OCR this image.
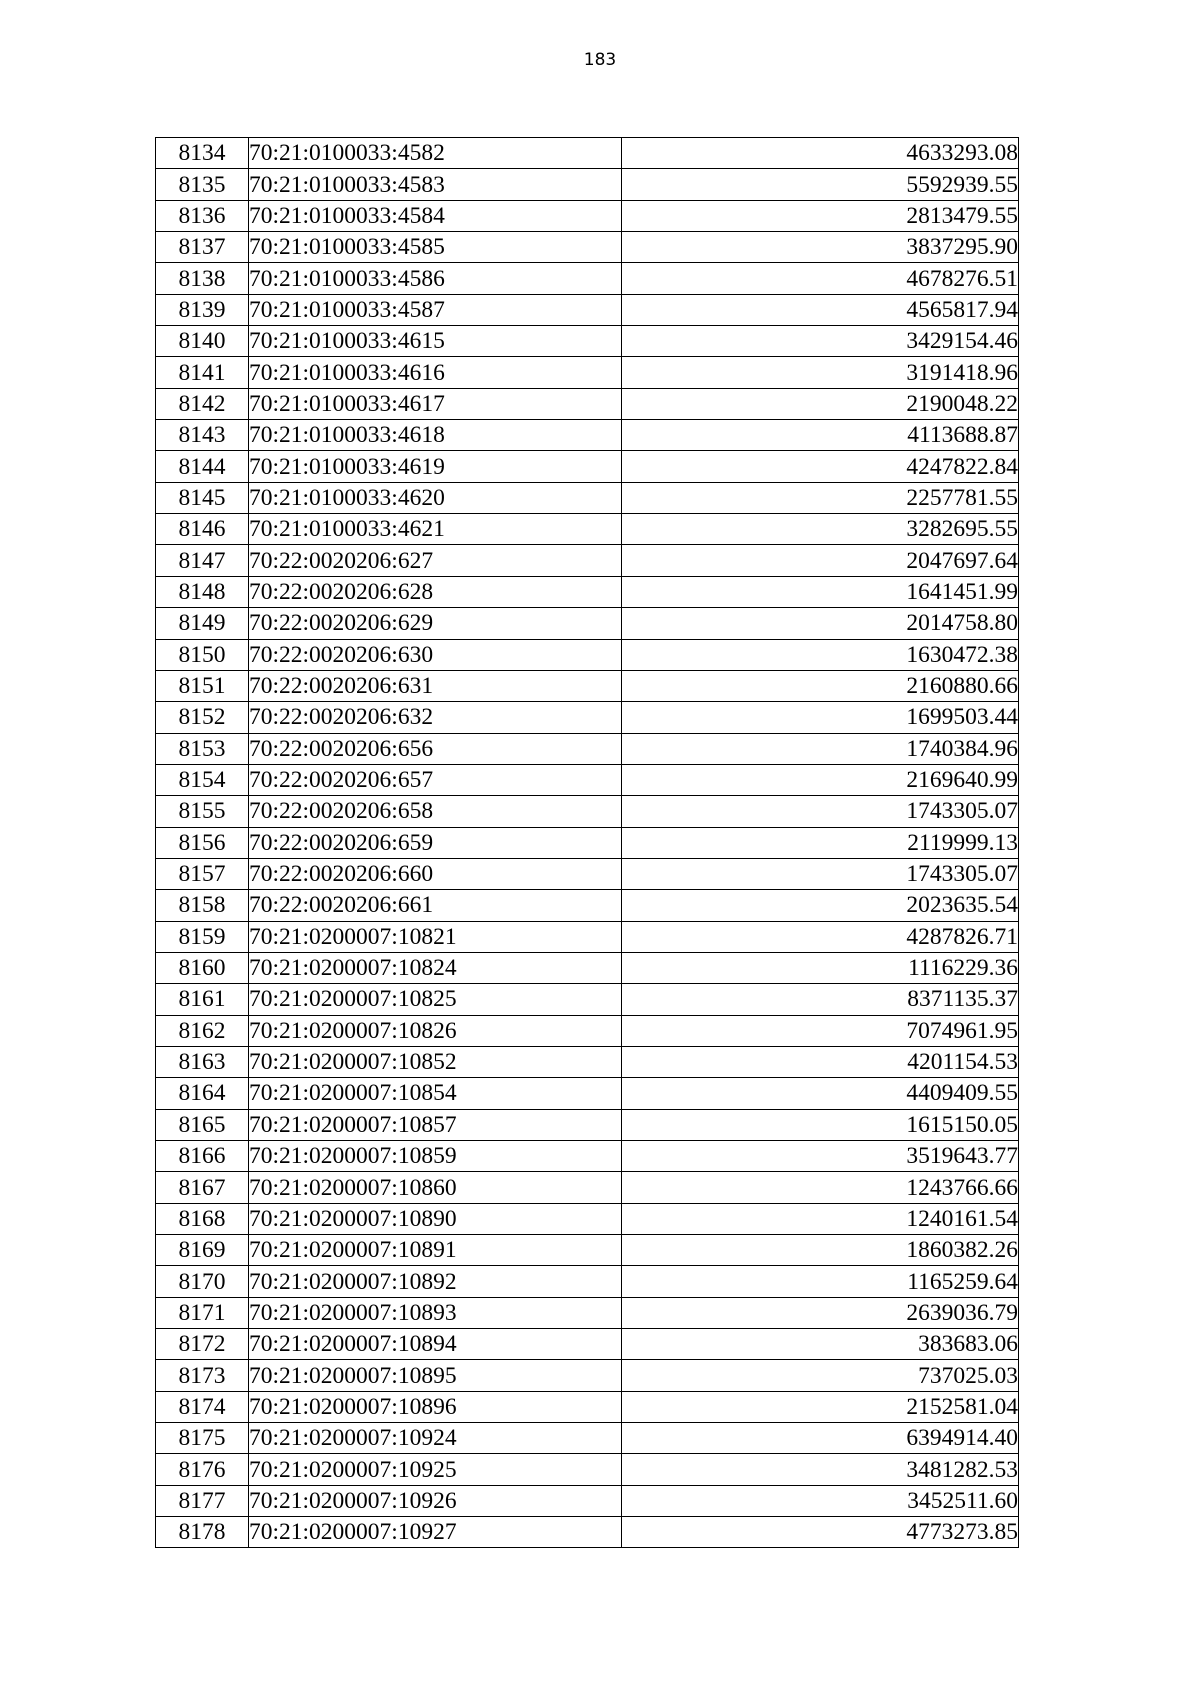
183
8134	70:21:0100033:4582	4633293.08
8135	70:21:0100033:4583	5592939.55
8136	70:21:0100033:4584	2813479.55
8137	70:21:0100033:4585	3837295.90
8138	70:21:0100033:4586	4678276.51
8139	70:21:0100033:4587	4565817.94
8140	70:21:0100033:4615	3429154.46
8141	70:21:0100033:4616	3191418.96
8142	70:21:0100033:4617	2190048.22
8143	70:21:0100033:4618	4113688.87
8144	70:21:0100033:4619	4247822.84
8145	70:21:0100033:4620	2257781.55
8146	70:21:0100033:4621	3282695.55
8147	70:22:0020206:627	2047697.64
8148	70:22:0020206:628	1641451.99
8149	70:22:0020206:629	2014758.80
8150	70:22:0020206:630	1630472.38
8151	70:22:0020206:631	2160880.66
8152	70:22:0020206:632	1699503.44
8153	70:22:0020206:656	1740384.96
8154	70:22:0020206:657	2169640.99
8155	70:22:0020206:658	1743305.07
8156	70:22:0020206:659	2119999.13
8157	70:22:0020206:660	1743305.07
8158	70:22:0020206:661	2023635.54
8159	70:21:0200007:10821	4287826.71
8160	70:21:0200007:10824	1116229.36
8161	70:21:0200007:10825	8371135.37
8162	70:21:0200007:10826	7074961.95
8163	70:21:0200007:10852	4201154.53
8164	70:21:0200007:10854	4409409.55
8165	70:21:0200007:10857	1615150.05
8166	70:21:0200007:10859	3519643.77
8167	70:21:0200007:10860	1243766.66
8168	70:21:0200007:10890	1240161.54
8169	70:21:0200007:10891	1860382.26
8170	70:21:0200007:10892	1165259.64
8171	70:21:0200007:10893	2639036.79
8172	70:21:0200007:10894	383683.06
8173	70:21:0200007:10895	737025.03
8174	70:21:0200007:10896	2152581.04
8175	70:21:0200007:10924	6394914.40
8176	70:21:0200007:10925	3481282.53
8177	70:21:0200007:10926	3452511.60
8178	70:21:0200007:10927	4773273.85
